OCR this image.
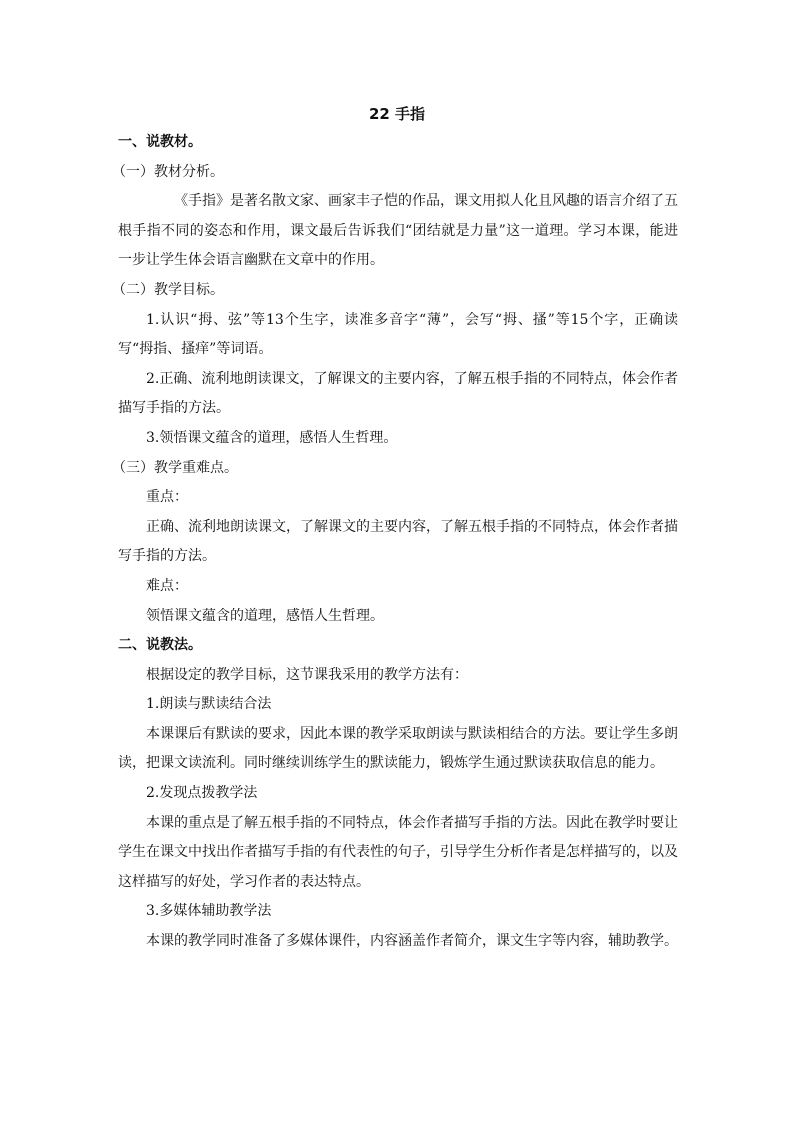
22 手指

一、说教材。

（一）教材分析。

《手指》是著名散文家、画家丰子恺的作品，课文用拟人化且风趣的语言介绍了五根手指不同的姿态和作用，课文最后告诉我们“团结就是力量”这一道理。学习本课，能进一步让学生体会语言幽默在文章中的作用。

（二）教学目标。

1.认识“拇、弦”等13个生字，读准多音字“薄”，会写“拇、搔”等15个字，正确读写“拇指、搔痒”等词语。

2.正确、流利地朗读课文，了解课文的主要内容，了解五根手指的不同特点，体会作者描写手指的方法。

3.领悟课文蕴含的道理，感悟人生哲理。

（三）教学重难点。

重点：

正确、流利地朗读课文，了解课文的主要内容，了解五根手指的不同特点，体会作者描写手指的方法。

难点：

领悟课文蕴含的道理，感悟人生哲理。

二、说教法。

根据设定的教学目标，这节课我采用的教学方法有：

1.朗读与默读结合法

本课课后有默读的要求，因此本课的教学采取朗读与默读相结合的方法。要让学生多朗读，把课文读流利。同时继续训练学生的默读能力，锻炼学生通过默读获取信息的能力。

2.发现点拨教学法

本课的重点是了解五根手指的不同特点，体会作者描写手指的方法。因此在教学时要让学生在课文中找出作者描写手指的有代表性的句子，引导学生分析作者是怎样描写的，以及这样描写的好处，学习作者的表达特点。

3.多媒体辅助教学法

本课的教学同时准备了多媒体课件，内容涵盖作者简介，课文生字等内容，辅助教学。
